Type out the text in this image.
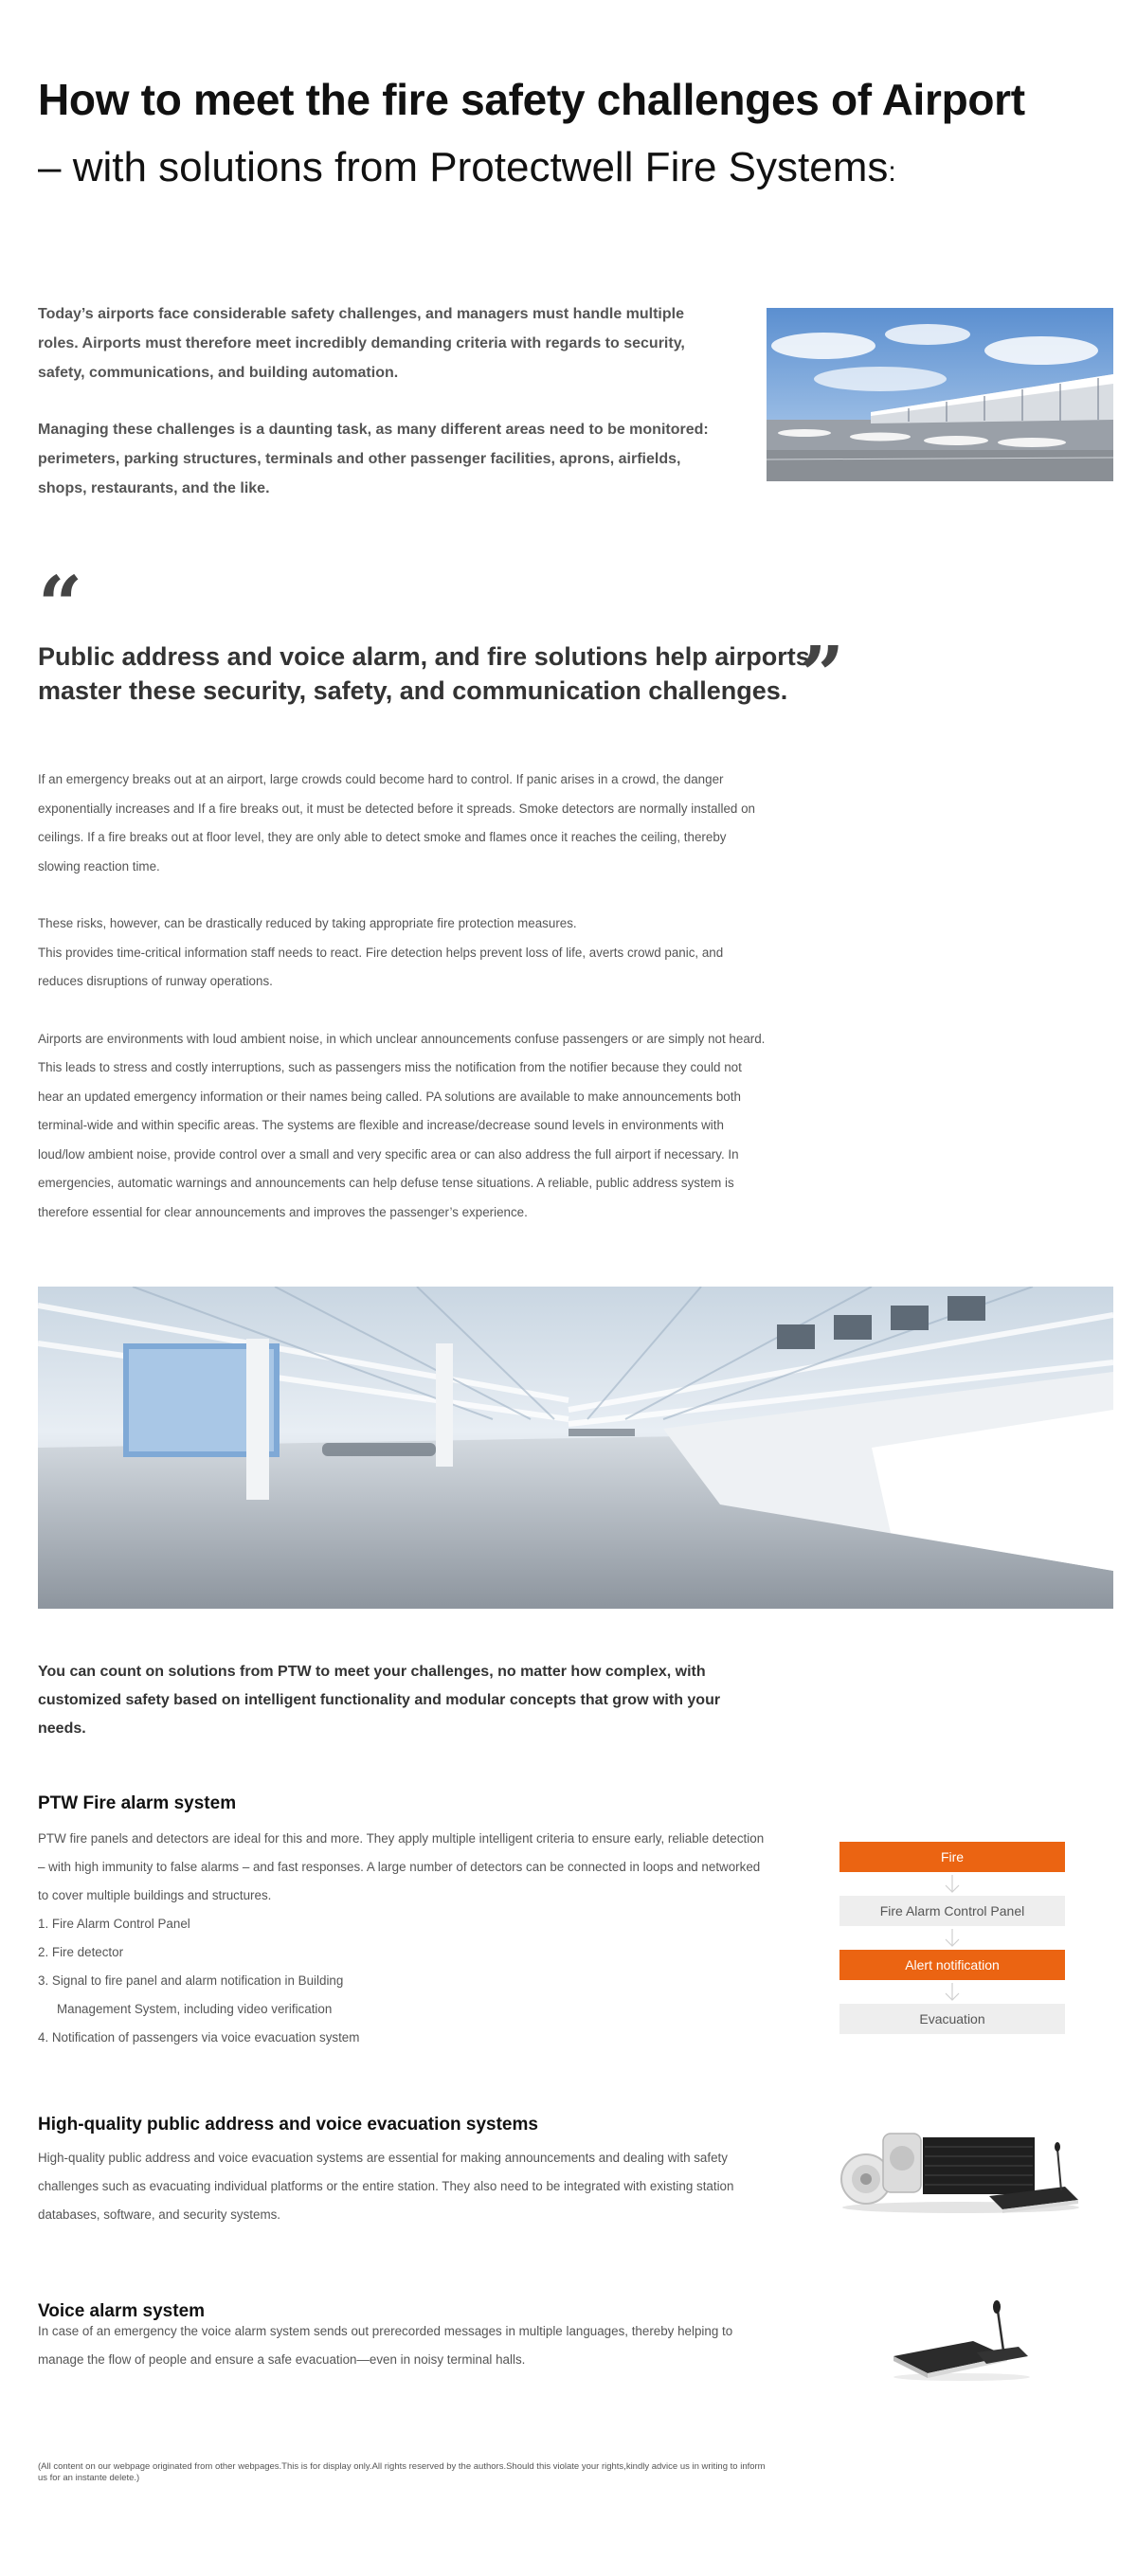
How to meet the fire safety challenges of Airport
– with solutions from Protectwell Fire Systems:

Today’s airports face considerable safety challenges, and managers must handle multiple roles. Airports must therefore meet incredibly demanding criteria with regards to security, safety, communications, and building automation.

Managing these challenges is a daunting task, as many different areas need to be monitored: perimeters, parking structures, terminals and other passenger facilities, aprons, airfields, shops, restaurants, and the like.

“
Public address and voice alarm, and fire solutions help airports master these security, safety, and communication challenges. ”

If an emergency breaks out at an airport, large crowds could become hard to control. If panic arises in a crowd, the danger exponentially increases and If a fire breaks out, it must be detected before it spreads. Smoke detectors are normally installed on ceilings. If a fire breaks out at floor level, they are only able to detect smoke and flames once it reaches the ceiling, thereby slowing reaction time.

These risks, however, can be drastically reduced by taking appropriate fire protection measures.
This provides time-critical information staff needs to react. Fire detection helps prevent loss of life, averts crowd panic, and reduces disruptions of runway operations.

Airports are environments with loud ambient noise, in which unclear announcements confuse passengers or are simply not heard. This leads to stress and costly interruptions, such as passengers miss the notification from the notifier because they could not hear an updated emergency information or their names being called. PA solutions are available to make announcements both terminal-wide and within specific areas. The systems are flexible and increase/decrease sound levels in environments with loud/low ambient noise, provide control over a small and very specific area or can also address the full airport if necessary. In emergencies, automatic warnings and announcements can help defuse tense situations. A reliable, public address system is therefore essential for clear announcements and improves the passenger’s experience.

You can count on solutions from PTW to meet your challenges, no matter how complex, with customized safety based on intelligent functionality and modular concepts that grow with your needs.
PTW Fire alarm system
PTW fire panels and detectors are ideal for this and more. They apply multiple intelligent criteria to ensure early, reliable detection – with high immunity to false alarms – and fast responses. A large number of detectors can be connected in loops and networked to cover multiple buildings and structures.
1. Fire Alarm Control Panel
2. Fire detector
3. Signal to fire panel and alarm notification in Building
Management System, including video verification
4. Notification of passengers via voice evacuation system
Fire
Fire Alarm Control Panel
Alert notification
Evacuation
High-quality public address and voice evacuation systems
High-quality public address and voice evacuation systems are essential for making announcements and dealing with safety challenges such as evacuating individual platforms or the entire station. They also need to be integrated with existing station databases, software, and security systems.
Voice alarm system
In case of an emergency the voice alarm system sends out prerecorded messages in multiple languages, thereby helping to manage the flow of people and ensure a safe evacuation—even in noisy terminal halls.
(All content on our webpage originated from other webpages.This is for display only.All rights reserved by the authors.Should this violate your rights,kindly advice us in writing to inform us for an instante delete.)
